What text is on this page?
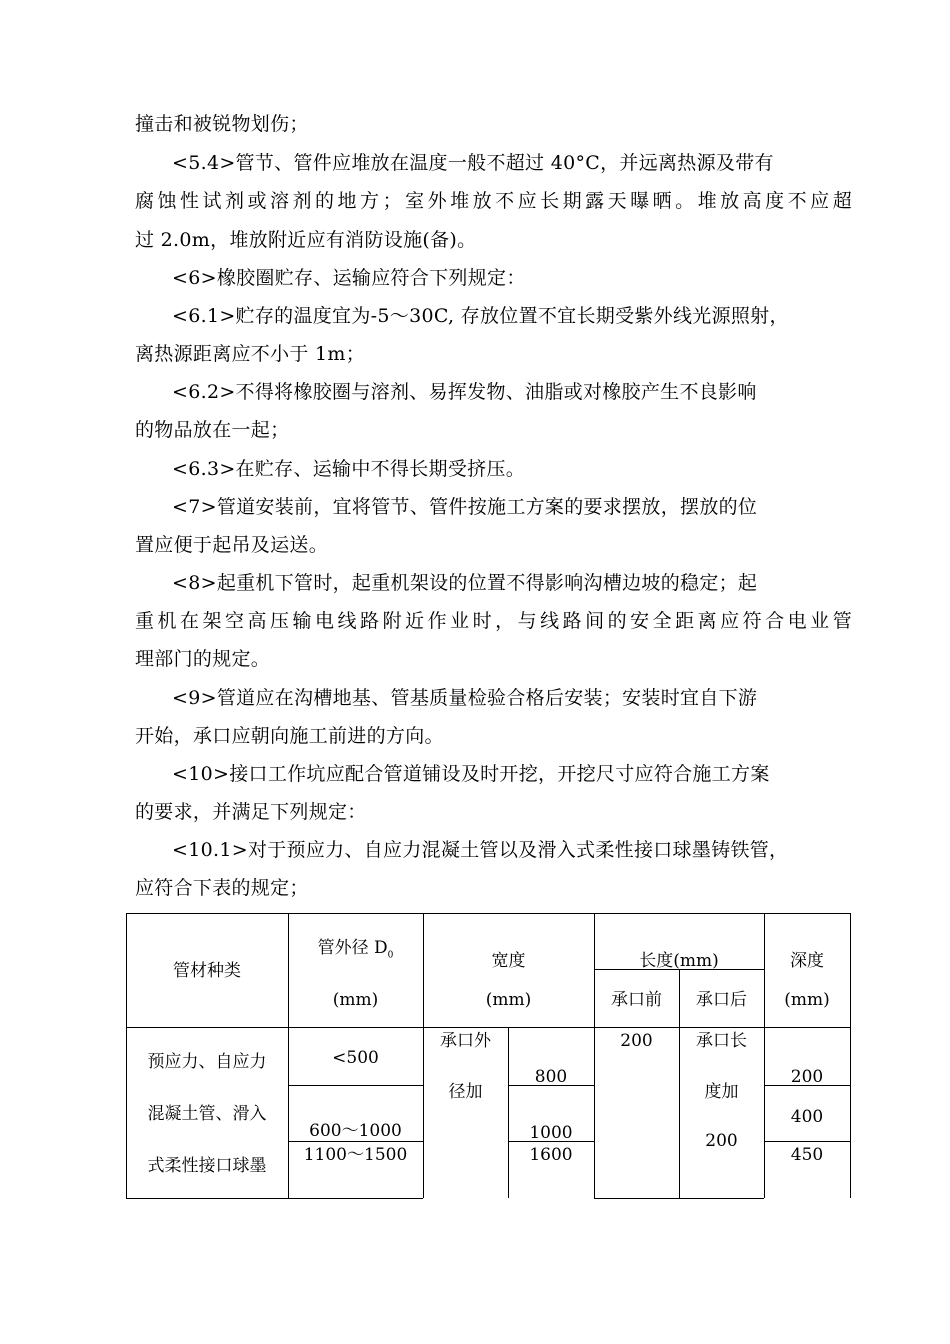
撞击和被锐物划伤；
<5.4>管节、管件应堆放在温度一般不超过 40°C，并远离热源及带有
腐蚀性试剂或溶剂的地方；室外堆放不应长期露天曝晒。堆放高度不应超
过 2.0m，堆放附近应有消防设施(备)。
<6>橡胶圈贮存、运输应符合下列规定：
<6.1>贮存的温度宜为-5～30C, 存放位置不宜长期受紫外线光源照射，
离热源距离应不小于 1m；
<6.2>不得将橡胶圈与溶剂、易挥发物、油脂或对橡胶产生不良影响
的物品放在一起；
<6.3>在贮存、运输中不得长期受挤压。
<7>管道安装前，宜将管节、管件按施工方案的要求摆放，摆放的位
置应便于起吊及运送。
<8>起重机下管时，起重机架设的位置不得影响沟槽边坡的稳定；起
重机在架空高压输电线路附近作业时，与线路间的安全距离应符合电业管
理部门的规定。
<9>管道应在沟槽地基、管基质量检验合格后安装；安装时宜自下游
开始，承口应朝向施工前进的方向。
<10>接口工作坑应配合管道铺设及时开挖，开挖尺寸应符合施工方案
的要求，并满足下列规定：
<10.1>对于预应力、自应力混凝土管以及滑入式柔性接口球墨铸铁管，
应符合下表的规定；
管材种类
管外径 $D_0$
(mm)
宽度
(mm)
长度(mm)
承口前	承口后
深度
(mm)
预应力、自应力
混凝土管、滑入
式柔性接口球墨
<500
600～1000
1100～1500
承口外
径加
800
1000
1600
200	承口长
度加
200
200
400
450
